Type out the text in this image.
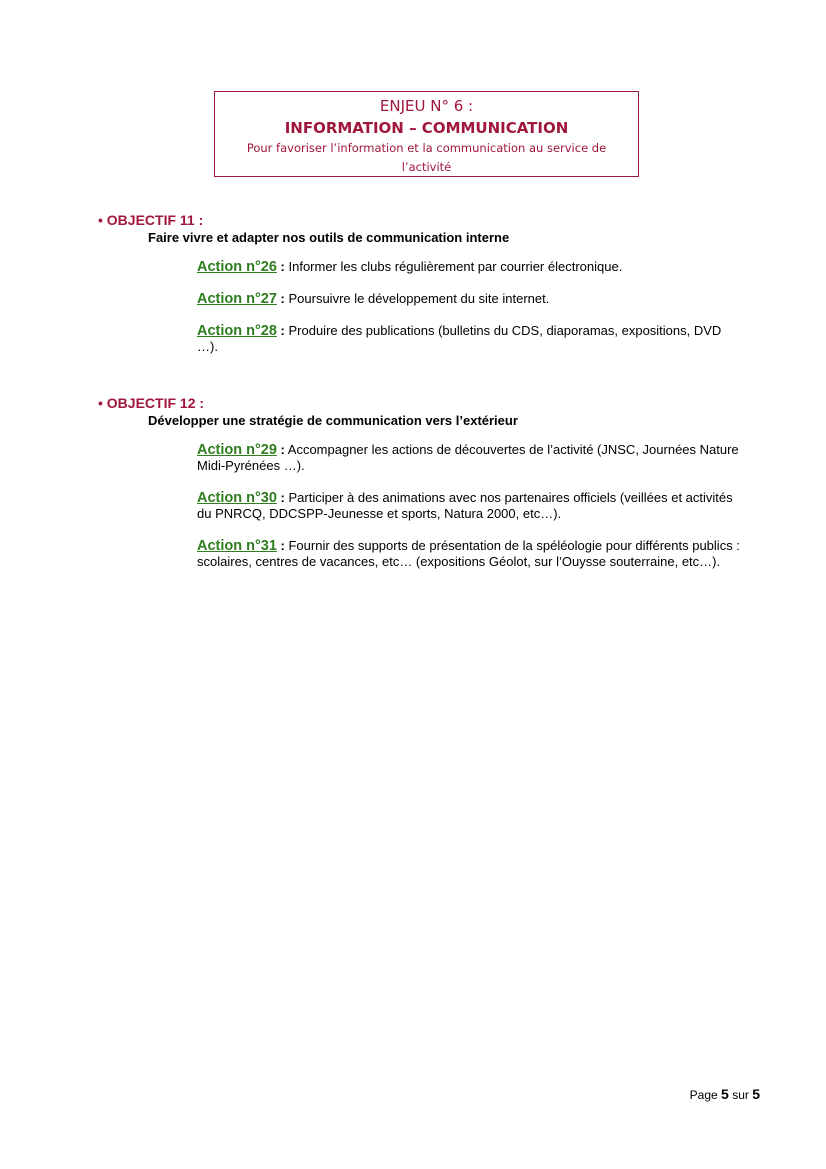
ENJEU N° 6 :
INFORMATION – COMMUNICATION
Pour favoriser l’information et la communication au service de l’activité
• OBJECTIF 11 :
Faire vivre et adapter nos outils de communication interne
Action n°26 : Informer les clubs régulièrement par courrier électronique.
Action n°27 : Poursuivre le développement du site internet.
Action n°28 : Produire des publications (bulletins du CDS, diaporamas, expositions, DVD …).
• OBJECTIF 12 :
Développer une stratégie de communication vers l’extérieur
Action n°29 : Accompagner les actions de découvertes de l’activité (JNSC, Journées Nature Midi-Pyrénées …).
Action n°30 : Participer à des animations avec nos partenaires officiels (veillées et activités du PNRCQ, DDCSPP-Jeunesse et sports, Natura 2000, etc…).
Action n°31 : Fournir des supports de présentation de la spéléologie pour différents publics : scolaires, centres de vacances, etc… (expositions Géolot, sur l’Ouysse souterraine, etc…).
Page 5 sur 5
